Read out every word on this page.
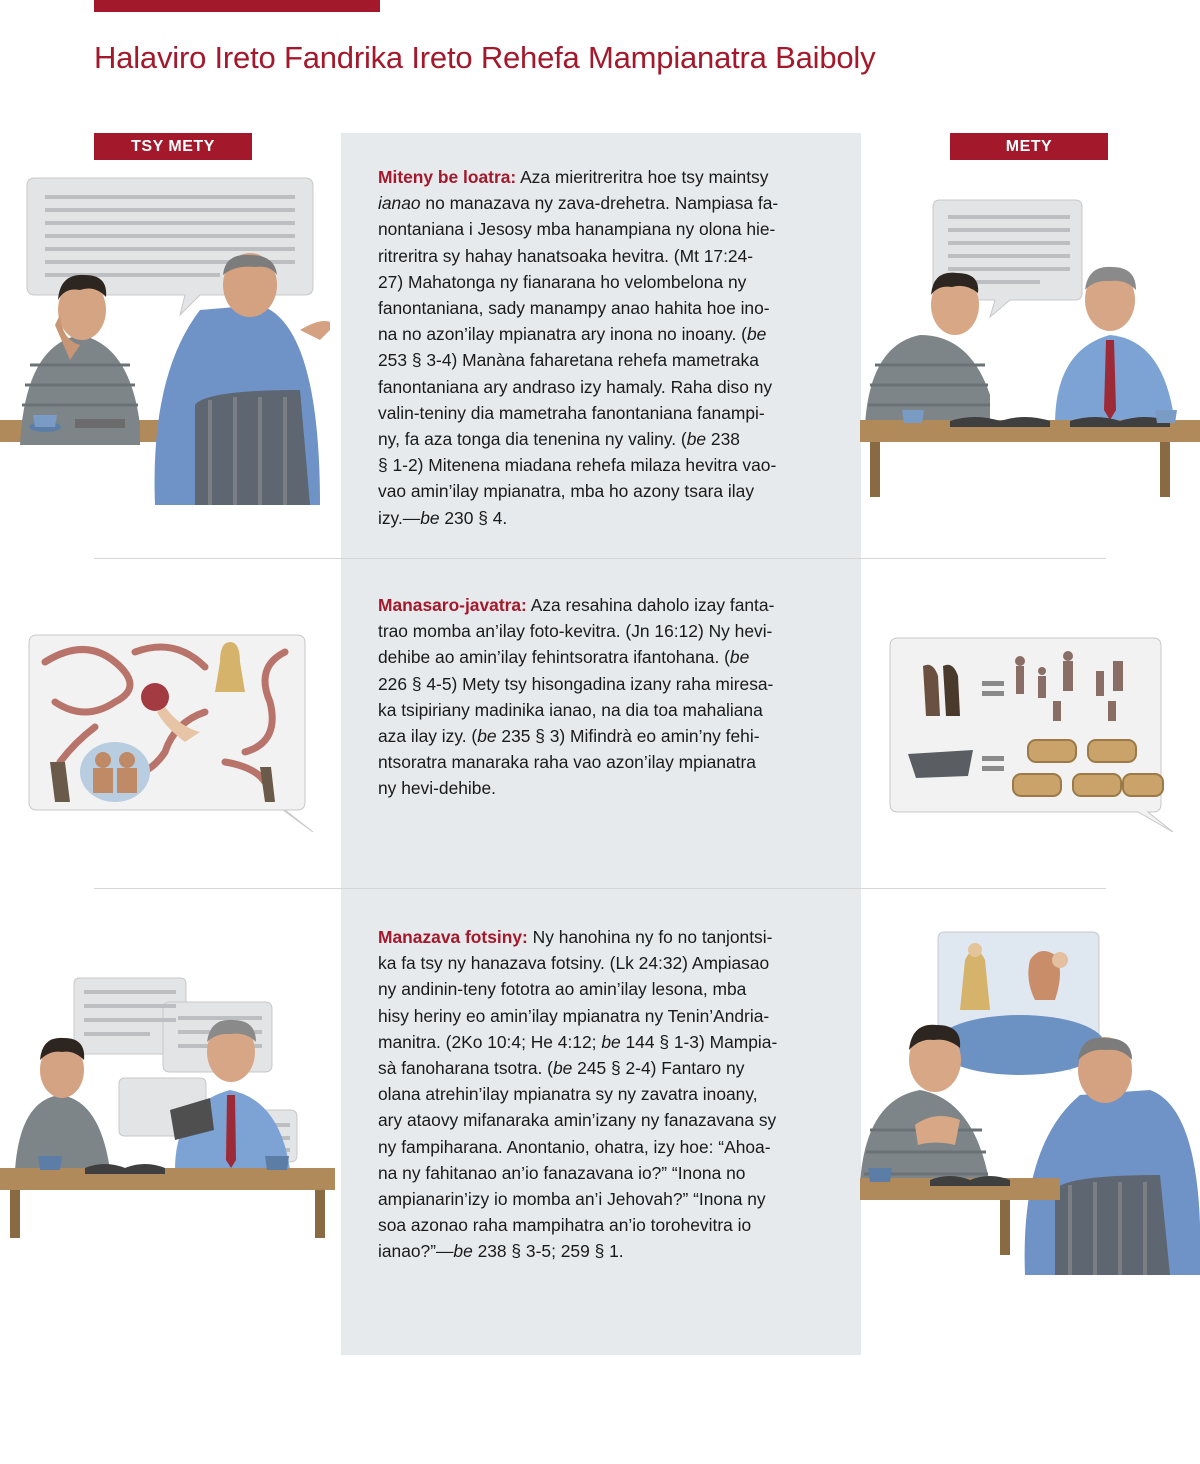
Halaviro Ireto Fandrika Ireto Rehefa Mampianatra Baiboly
TSY METY	METY
Miteny be loatra: Aza mieritreritra hoe tsy maintsy
ianao no manazava ny zava-drehetra. Nampiasa fa-
nontaniana i Jesosy mba hanampiana ny olona hie-
ritreritra sy hahay hanatsoaka hevitra. (Mt 17:24-
27) Mahatonga ny fianarana ho velombelona ny
fanontaniana, sady manampy anao hahita hoe ino-
na no azon’ilay mpianatra ary inona no inoany. (be
253 § 3-4) Manàna faharetana rehefa mametraka
fanontaniana ary andraso izy hamaly. Raha diso ny
valin-teniny dia mametraha fanontaniana fanampi-
ny, fa aza tonga dia tenenina ny valiny. (be 238
§ 1-2) Mitenena miadana rehefa milaza hevitra vao-
vao amin’ilay mpianatra, mba ho azony tsara ilay
izy.—be 230 § 4.
Manasaro-javatra: Aza resahina daholo izay fanta-
trao momba an’ilay foto-kevitra. (Jn 16:12) Ny hevi-
dehibe ao amin’ilay fehintsoratra ifantohana. (be
226 § 4-5) Mety tsy hisongadina izany raha miresa-
ka tsipiriany madinika ianao, na dia toa mahaliana
aza ilay izy. (be 235 § 3) Mifindrà eo amin’ny fehi-
ntsoratra manaraka raha vao azon’ilay mpianatra
ny hevi-dehibe.
Manazava fotsiny: Ny hanohina ny fo no tanjontsi-
ka fa tsy ny hanazava fotsiny. (Lk 24:32) Ampiasao
ny andinin-teny fototra ao amin’ilay lesona, mba
hisy heriny eo amin’ilay mpianatra ny Tenin’Andria-
manitra. (2Ko 10:4; He 4:12; be 144 § 1-3) Mampia-
sà fanoharana tsotra. (be 245 § 2-4) Fantaro ny
olana atrehin’ilay mpianatra sy ny zavatra inoany,
ary ataovy mifanaraka amin’izany ny fanazavana sy
ny fampiharana. Anontanio, ohatra, izy hoe: “Ahoa-
na ny fahitanao an’io fanazavana io?” “Inona no
ampianarin’izy io momba an’i Jehovah?” “Inona ny
soa azonao raha mampihatra an’io torohevitra io
ianao?”—be 238 § 3-5; 259 § 1.
